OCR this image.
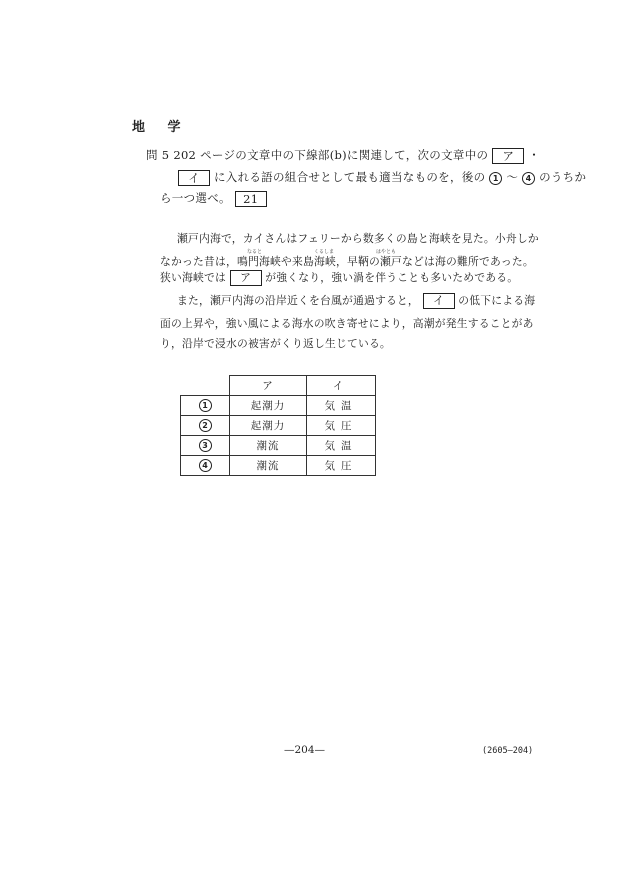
地 学
問 5 202 ページの文章中の下線部(b)に関連して，次の文章中の ア ・
イ に入れる語の組合せとして最も適当なものを，後の 1 ～ 4 のうちか
ら一つ選べ。 21
瀬戸内海で，カイさんはフェリーから数多くの島と海峡を見た。小舟しか
なると	くるしま	はやとも
なかった昔は，鳴門海峡や来島海峡，早鞆の瀬戸などは海の難所であった。
狭い海峡では ア が強くなり，強い渦を伴うことも多いためである。
また，瀬戸内海の沿岸近くを台風が通過すると， イ の低下による海
面の上昇や，強い風による海水の吹き寄せにより，高潮が発生することがあ
り，沿岸で浸水の被害がくり返し生じている。
	ア	イ
1	起潮力	気温
2	起潮力	気圧
3	潮流	気温
4	潮流	気圧
—204—	(2605—204)
